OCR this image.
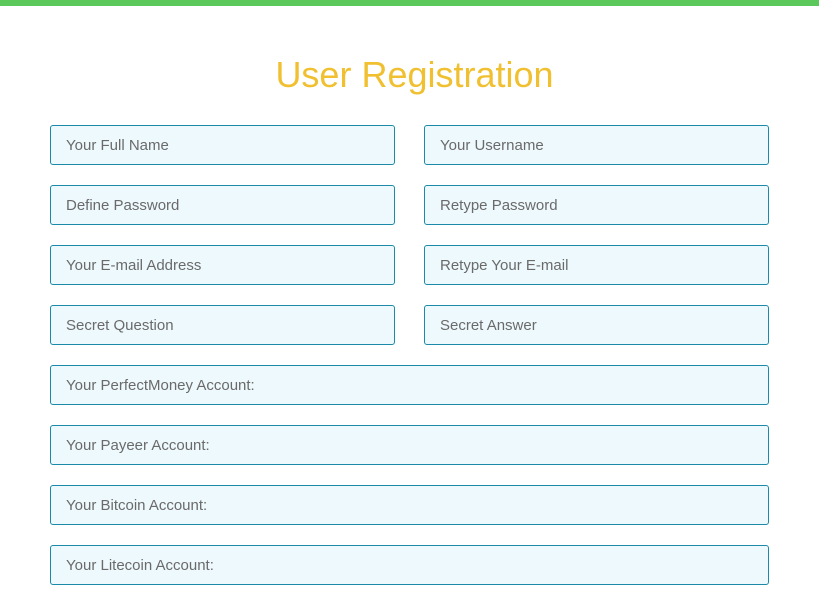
User Registration
Your Full Name
Your Username
Your E-mail Address
Retype Your E-mail
Secret Question
Secret Answer
Your PerfectMoney Account:
Your Payeer Account:
Your Bitcoin Account:
Your Litecoin Account:
